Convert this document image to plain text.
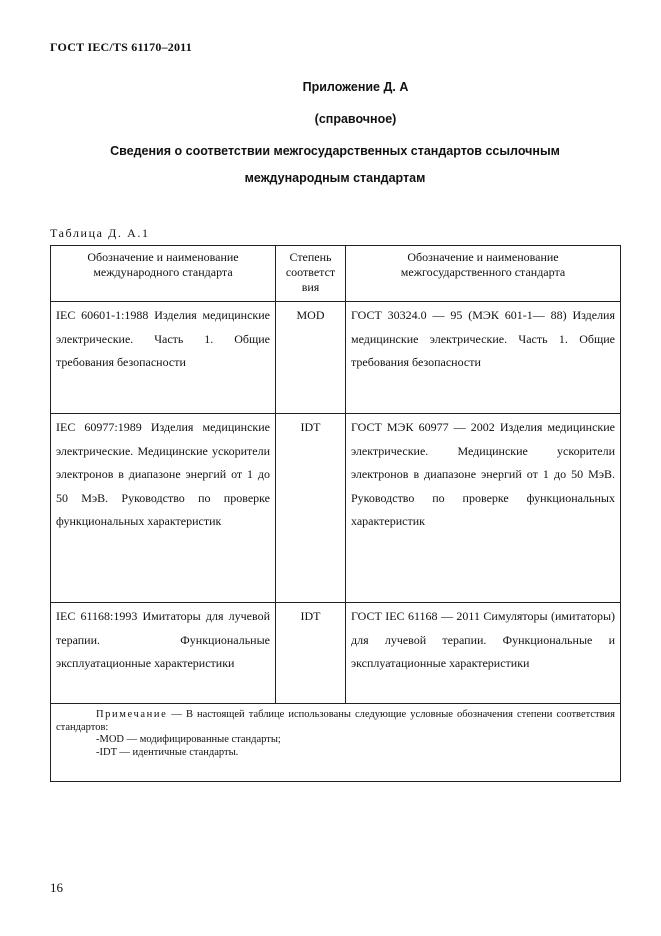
ГОСТ IEC/TS 61170–2011
Приложение Д. А
(справочное)
Сведения о соответствии межгосударственных стандартов ссылочным
международным стандартам
Таблица Д. А.1
Обозначение и наименование международного стандарта	Степень соответст вия	Обозначение и наименование межгосударственного стандарта
IEC 60601-1:1988 Изделия медицинские электрические. Часть 1. Общие требования безопасности	MOD	ГОСТ 30324.0 — 95 (МЭК 601-1— 88) Изделия медицинские электрические. Часть 1. Общие требования безопасности
IEC 60977:1989 Изделия медицинские электрические. Медицинские ускорители электронов в диапазоне энергий от 1 до 50 МэВ. Руководство по проверке функциональных характеристик	IDT	ГОСТ МЭК 60977 — 2002 Изделия медицинские электрические. Медицинские ускорители электронов в диапазоне энергий от 1 до 50 МэВ. Руководство по проверке функциональных характеристик
IEC 61168:1993 Имитаторы для лучевой терапии. Функциональные эксплуатационные характеристики	IDT	ГОСТ IEC 61168 — 2011 Симуляторы (имитаторы) для лучевой терапии. Функциональные и эксплуатационные характеристики

Примечание — В настоящей таблице использованы следующие условные обозначения степени соответствия стандартов:
-MOD — модифицированные стандарты;
-IDT — идентичные стандарты.		
16
